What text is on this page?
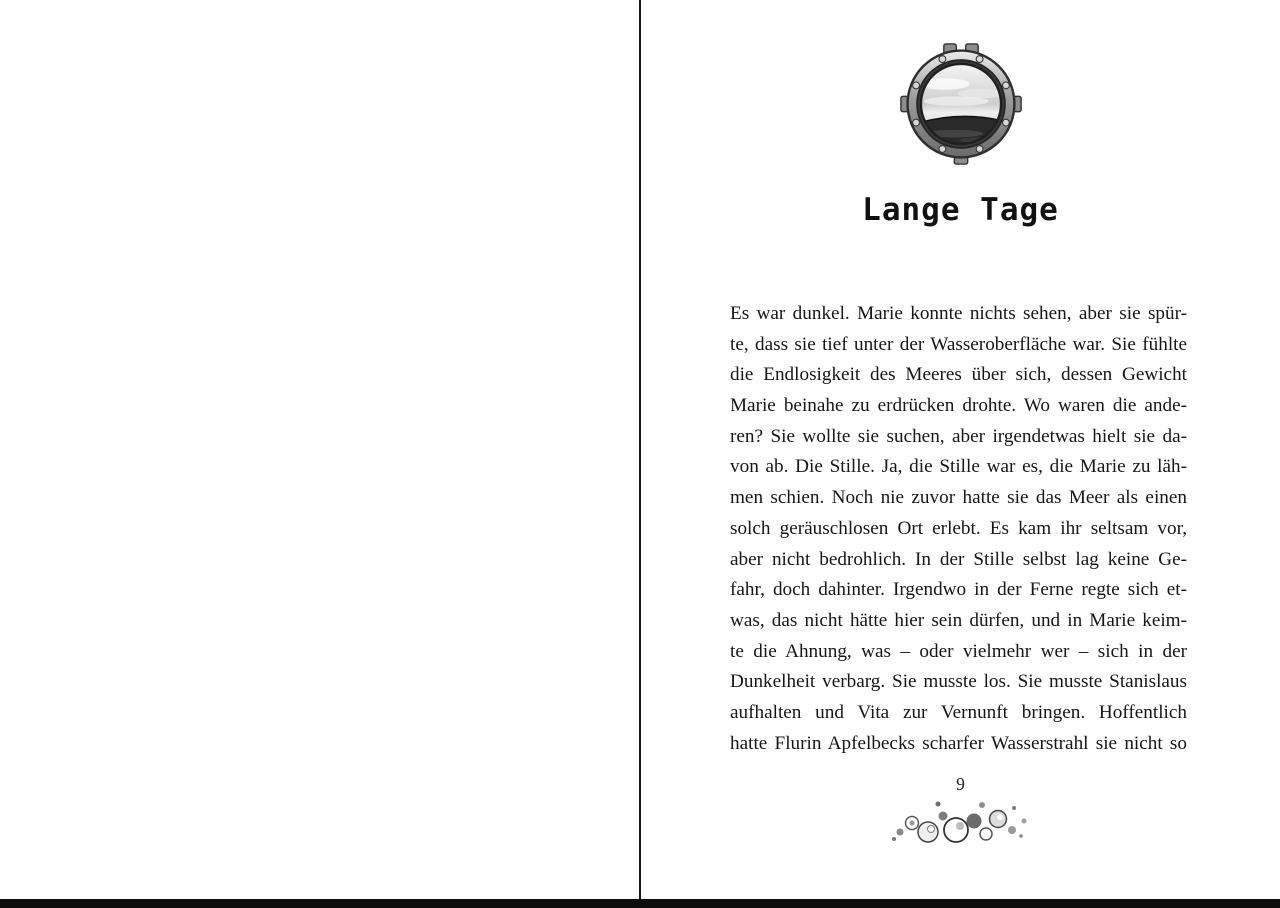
Lange Tage
Es war dunkel. Marie konnte nichts sehen, aber sie spür-
te, dass sie tief unter der Wasseroberfläche war. Sie fühlte
die Endlosigkeit des Meeres über sich, dessen Gewicht
Marie beinahe zu erdrücken drohte. Wo waren die ande-
ren? Sie wollte sie suchen, aber irgendetwas hielt sie da-
von ab. Die Stille. Ja, die Stille war es, die Marie zu läh-
men schien. Noch nie zuvor hatte sie das Meer als einen
solch geräuschlosen Ort erlebt. Es kam ihr seltsam vor,
aber nicht bedrohlich. In der Stille selbst lag keine Ge-
fahr, doch dahinter. Irgendwo in der Ferne regte sich et-
was, das nicht hätte hier sein dürfen, und in Marie keim-
te die Ahnung, was – oder vielmehr wer – sich in der
Dunkelheit verbarg. Sie musste los. Sie musste Stanislaus
aufhalten und Vita zur Vernunft bringen. Hoffentlich
hatte Flurin Apfelbecks scharfer Wasserstrahl sie nicht so
9
